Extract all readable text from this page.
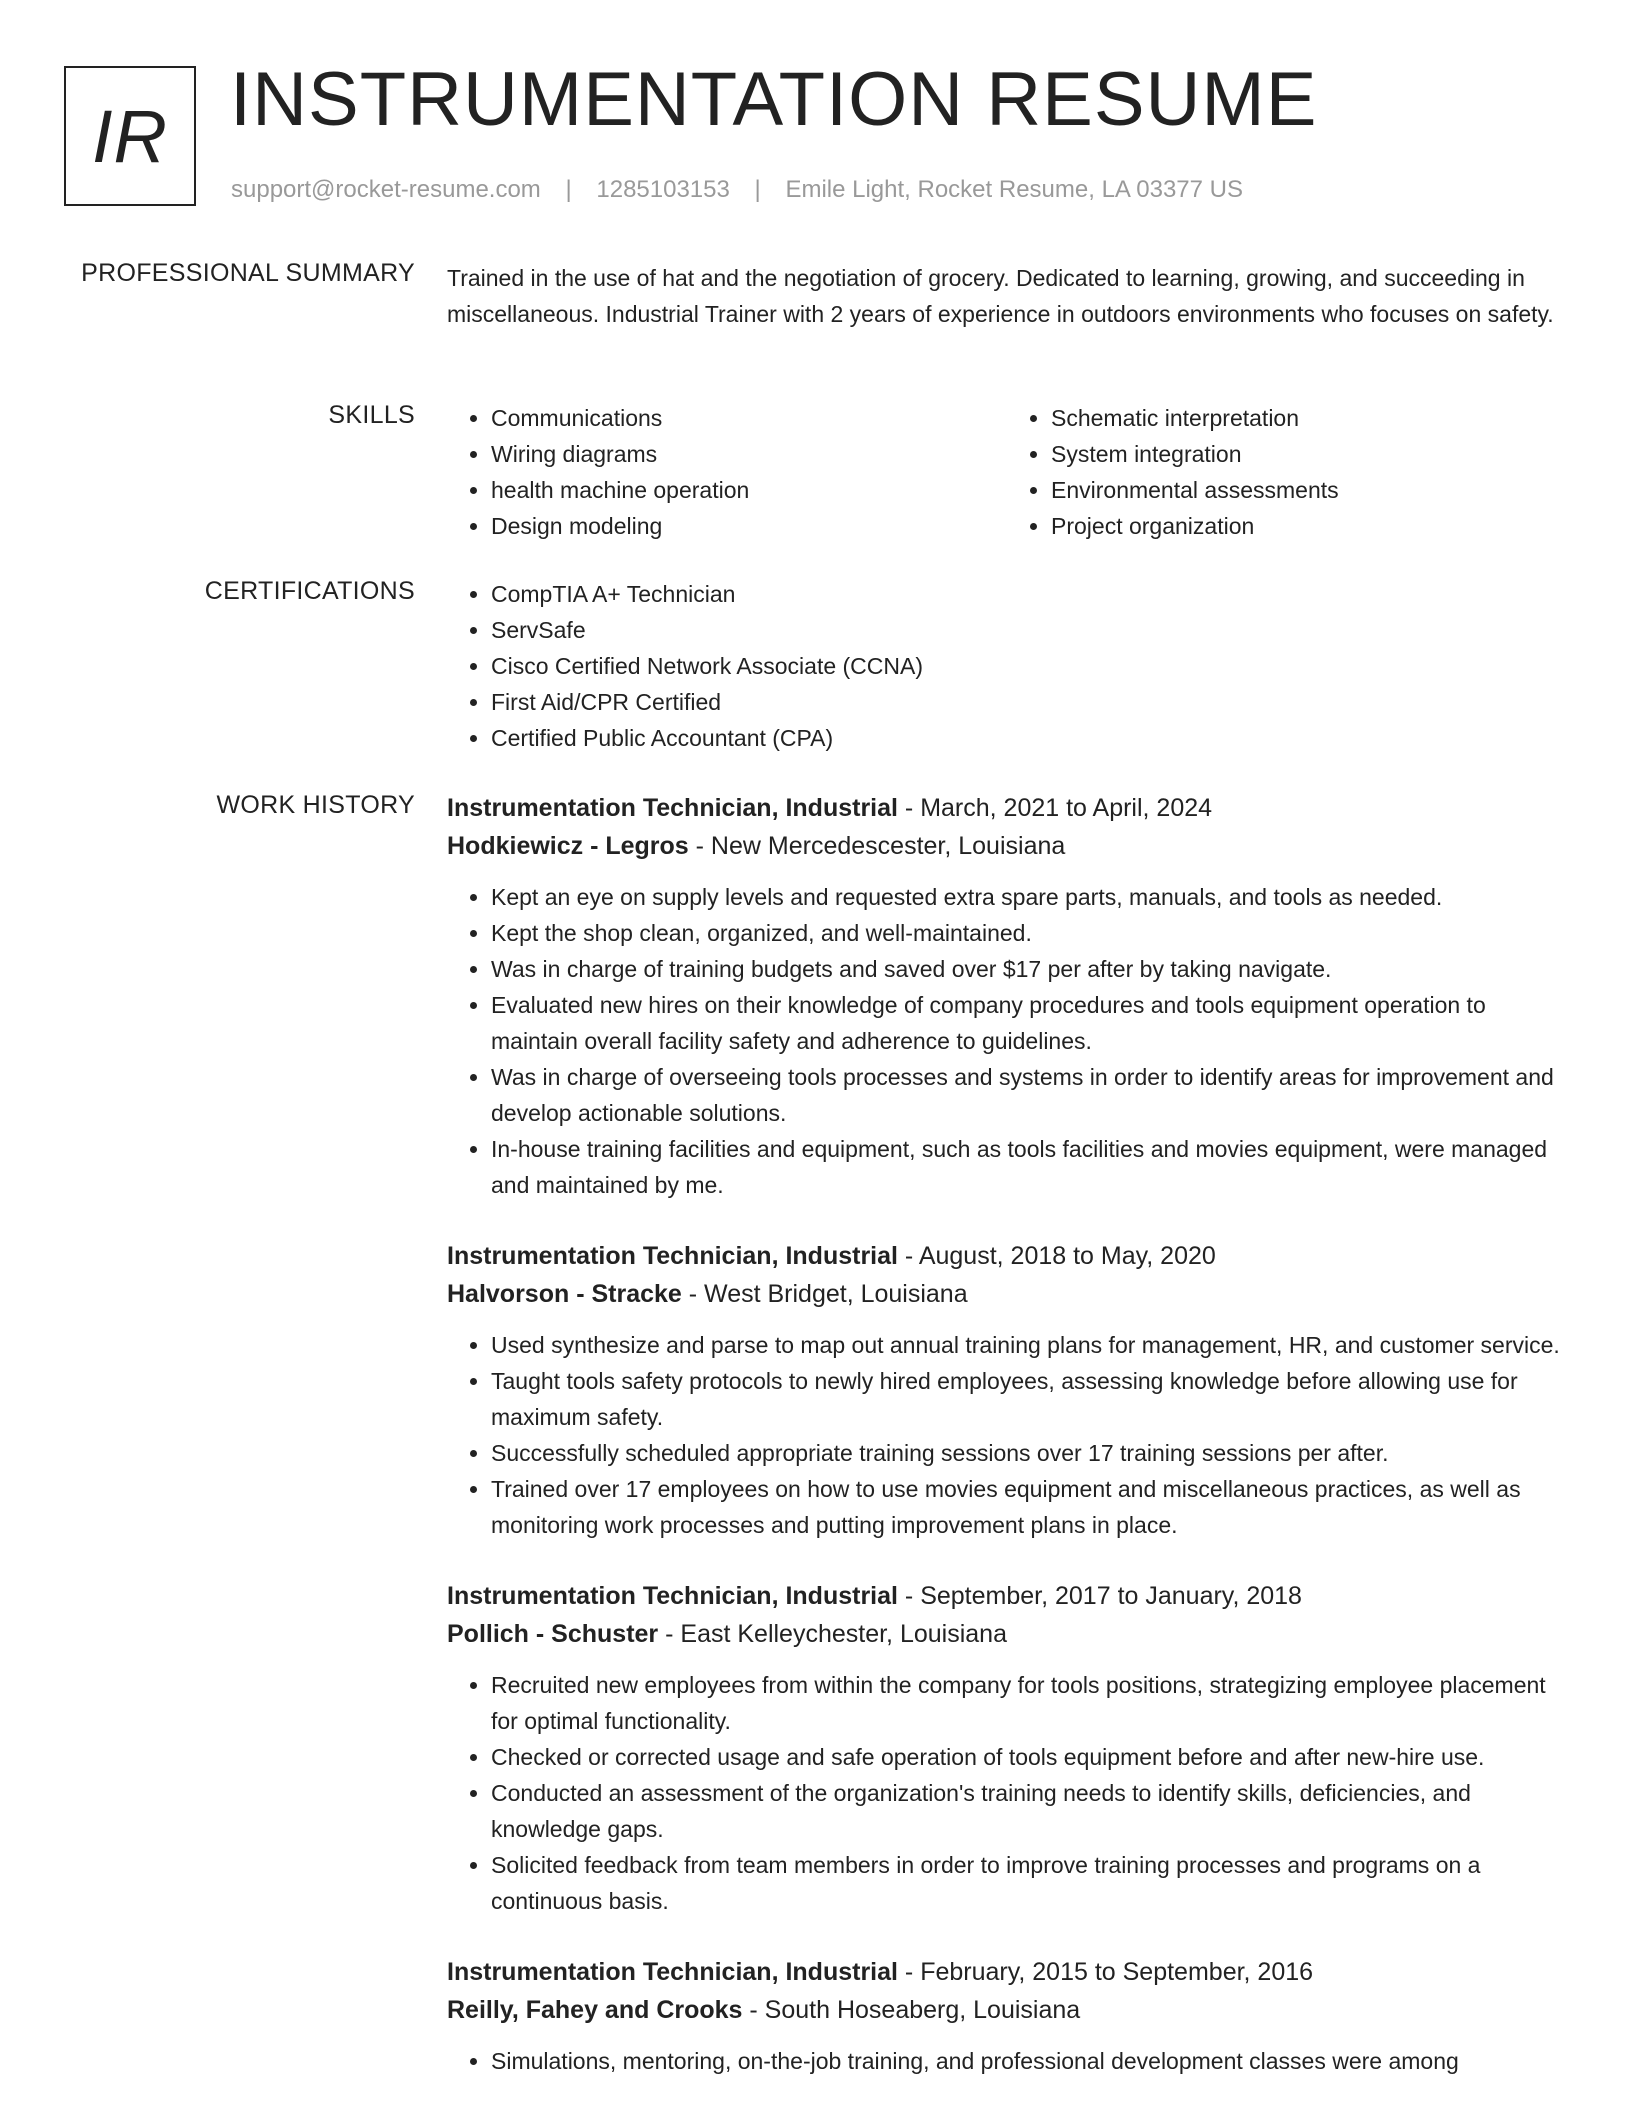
IR INSTRUMENTATION RESUME
support@rocket-resume.com | 1285103153 | Emile Light, Rocket Resume, LA 03377 US
PROFESSIONAL SUMMARY Trained in the use of hat and the negotiation of grocery. Dedicated to learning, growing, and succeeding in miscellaneous. Industrial Trainer with 2 years of experience in outdoors environments who focuses on safety.

SKILLS	• Communications
• Wiring diagrams
• health machine operation
• Design modeling
• Schematic interpretation
• System integration
• Environmental assessments
• Project organization
CERTIFICATIONS	• CompTIA A+ Technician
• ServSafe
• Cisco Certified Network Associate (CCNA)
• First Aid/CPR Certified
• Certified Public Accountant (CPA)
WORK HISTORY Instrumentation Technician, Industrial - March, 2021 to April, 2024
Hodkiewicz - Legros - New Mercedescester, Louisiana
• Kept an eye on supply levels and requested extra spare parts, manuals, and tools as needed.
• Kept the shop clean, organized, and well-maintained.
• Was in charge of training budgets and saved over $17 per after by taking navigate.
• Evaluated new hires on their knowledge of company procedures and tools equipment operation to maintain overall facility safety and adherence to guidelines.
• Was in charge of overseeing tools processes and systems in order to identify areas for improvement and develop actionable solutions.
• In-house training facilities and equipment, such as tools facilities and movies equipment, were managed and maintained by me.
Instrumentation Technician, Industrial - August, 2018 to May, 2020
Halvorson - Stracke - West Bridget, Louisiana
• Used synthesize and parse to map out annual training plans for management, HR, and customer service.
• Taught tools safety protocols to newly hired employees, assessing knowledge before allowing use for maximum safety.
• Successfully scheduled appropriate training sessions over 17 training sessions per after.
• Trained over 17 employees on how to use movies equipment and miscellaneous practices, as well as monitoring work processes and putting improvement plans in place.
Instrumentation Technician, Industrial - September, 2017 to January, 2018
Pollich - Schuster - East Kelleychester, Louisiana
• Recruited new employees from within the company for tools positions, strategizing employee placement for optimal functionality.
• Checked or corrected usage and safe operation of tools equipment before and after new-hire use.
• Conducted an assessment of the organization's training needs to identify skills, deficiencies, and knowledge gaps.
• Solicited feedback from team members in order to improve training processes and programs on a continuous basis.
Instrumentation Technician, Industrial - February, 2015 to September, 2016
Reilly, Fahey and Crooks - South Hoseaberg, Louisiana
• Simulations, mentoring, on-the-job training, and professional development classes were among
